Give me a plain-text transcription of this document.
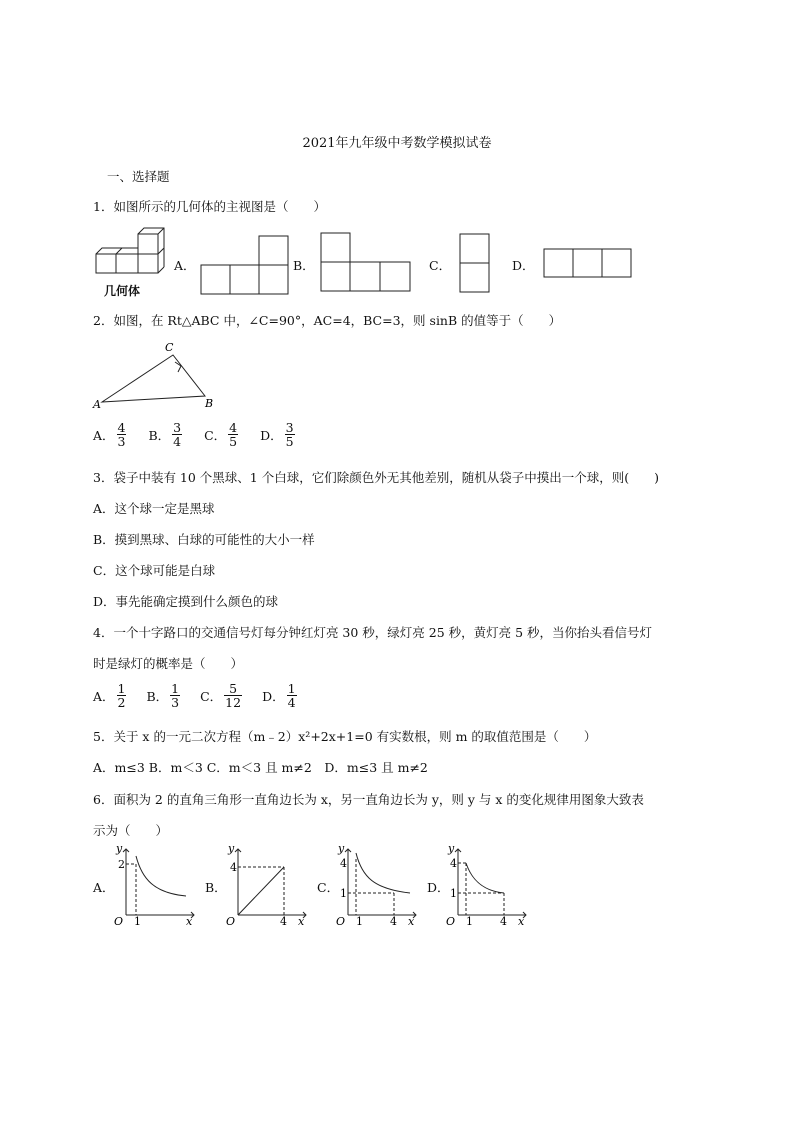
2021年九年级中考数学模拟试卷
一、选择题
1．如图所示的几何体的主视图是（　　）
几何体
A．	B．	C．	D．
2．如图，在 Rt△ABC 中，∠C=90°，AC=4，BC=3，则 sinB 的值等于（　　）
C
A	B
A． $\frac{4}{3}$ B． $\frac{3}{4}$ C． $\frac{4}{5}$ D． $\frac{3}{5}$
3．袋子中装有 10 个黑球、1 个白球，它们除颜色外无其他差别，随机从袋子中摸出一个球，则(　　)
A．这个球一定是黑球
B．摸到黑球、白球的可能性的大小一样
C．这个球可能是白球
D．事先能确定摸到什么颜色的球
4．一个十字路口的交通信号灯每分钟红灯亮 30 秒，绿灯亮 25 秒，黄灯亮 5 秒，当你抬头看信号灯
时是绿灯的概率是（　　）
A． $\frac{1}{2}$ B． $\frac{1}{3}$ C． $\frac{5}{12}$ D． $\frac{1}{4}$
5．关于 x 的一元二次方程（m﹣2）x²+2x+1=0 有实数根，则 m 的取值范围是（　　）
A．m≤3 B．m＜3 C．m＜3 且 m≠2　D．m≤3 且 m≠2
6．面积为 2 的直角三角形一直角边长为 x，另一直角边长为 y，则 y 与 x 的变化规律用图象大致表
示为（　　）
A．
y
2
O 1	x
B．
y
4
O	4 x
C．
y
4
1
O 1 4 x
D．
y
4
1
O 1 4 x
